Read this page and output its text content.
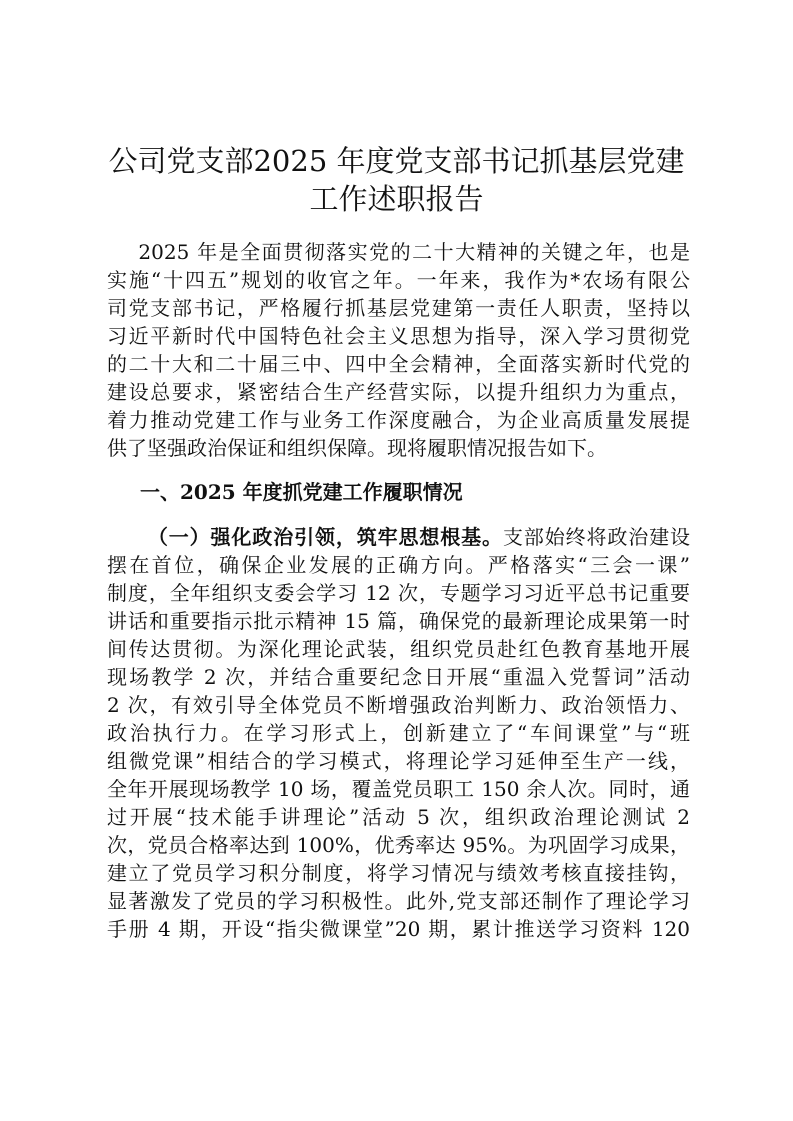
公司党支部2025 年度党支部书记抓基层党建
工作述职报告
2025 年是全面贯彻落实党的二十大精神的关键之年，也是
实施“十四五”规划的收官之年。一年来，我作为*农场有限公
司党支部书记，严格履行抓基层党建第一责任人职责，坚持以
习近平新时代中国特色社会主义思想为指导，深入学习贯彻党
的二十大和二十届三中、四中全会精神，全面落实新时代党的
建设总要求，紧密结合生产经营实际，以提升组织力为重点，
着力推动党建工作与业务工作深度融合，为企业高质量发展提
供了坚强政治保证和组织保障。现将履职情况报告如下。
一、2025 年度抓党建工作履职情况
（一）强化政治引领，筑牢思想根基。支部始终将政治建设
摆在首位，确保企业发展的正确方向。严格落实“三会一课”
制度，全年组织支委会学习 12 次，专题学习习近平总书记重要
讲话和重要指示批示精神 15 篇，确保党的最新理论成果第一时
间传达贯彻。为深化理论武装，组织党员赴红色教育基地开展
现场教学 2 次，并结合重要纪念日开展“重温入党誓词”活动
2 次，有效引导全体党员不断增强政治判断力、政治领悟力、
政治执行力。在学习形式上，创新建立了“车间课堂”与“班
组微党课”相结合的学习模式，将理论学习延伸至生产一线，
全年开展现场教学 10 场，覆盖党员职工 150 余人次。同时，通
过开展“技术能手讲理论”活动 5 次，组织政治理论测试 2
次，党员合格率达到 100%，优秀率达 95%。为巩固学习成果，
建立了党员学习积分制度，将学习情况与绩效考核直接挂钩，
显著激发了党员的学习积极性。此外,党支部还制作了理论学习
手册 4 期，开设“指尖微课堂”20 期，累计推送学习资料 120
